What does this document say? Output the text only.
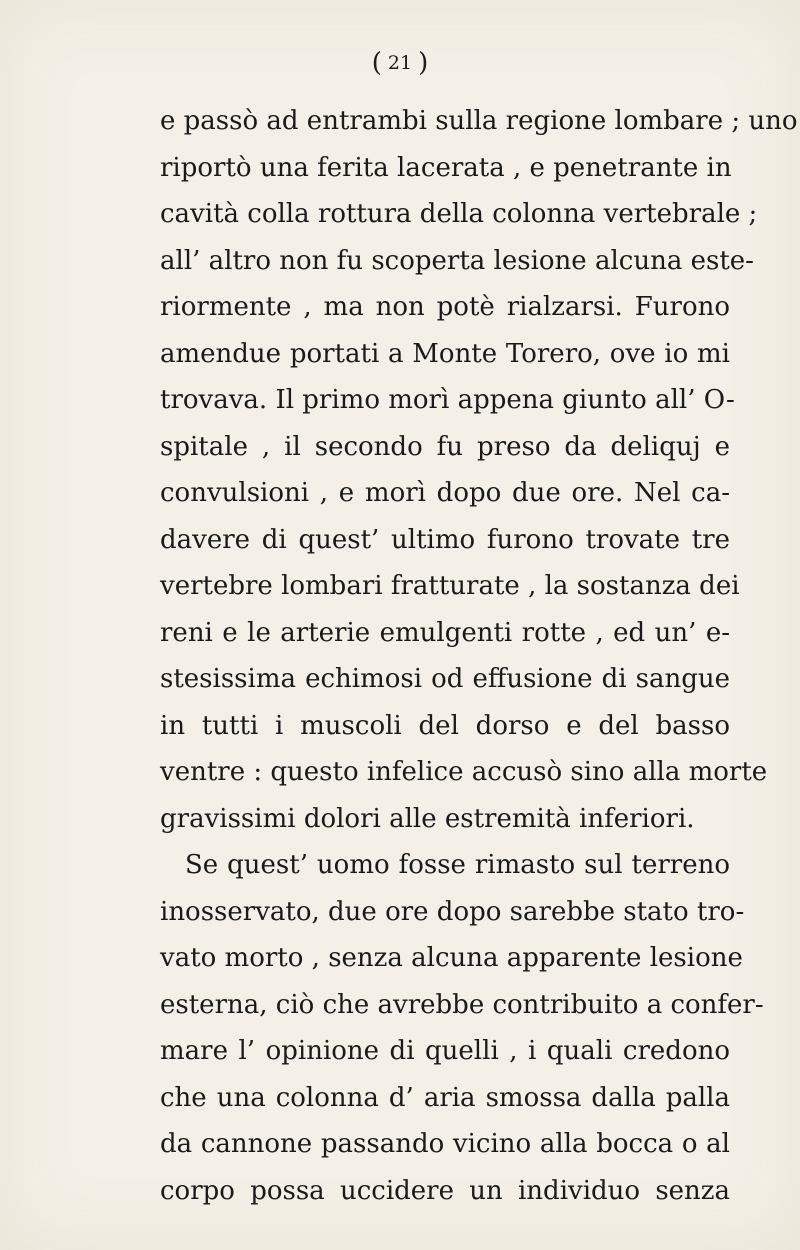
( 21 )
e passò ad entrambi sulla regione lombare ; uno
riportò una ferita lacerata , e penetrante in
cavità colla rottura della colonna vertebrale ;
all’ altro non fu scoperta lesione alcuna este-
riormente , ma non potè rialzarsi. Furono
amendue portati a Monte Torero, ove io mi
trovava. Il primo morì appena giunto all’ O-
spitale , il secondo fu preso da deliquj e
convulsioni , e morì dopo due ore. Nel ca-
davere di quest’ ultimo furono trovate tre
vertebre lombari fratturate , la sostanza dei
reni e le arterie emulgenti rotte , ed un’ e-
stesissima echimosi od effusione di sangue
in tutti i muscoli del dorso e del basso
ventre : questo infelice accusò sino alla morte
gravissimi dolori alle estremità inferiori.
Se quest’ uomo fosse rimasto sul terreno
inosservato, due ore dopo sarebbe stato tro-
vato morto , senza alcuna apparente lesione
esterna, ciò che avrebbe contribuito a confer-
mare l’ opinione di quelli , i quali credono
che una colonna d’ aria smossa dalla palla
da cannone passando vicino alla bocca o al
corpo possa uccidere un individuo senza
